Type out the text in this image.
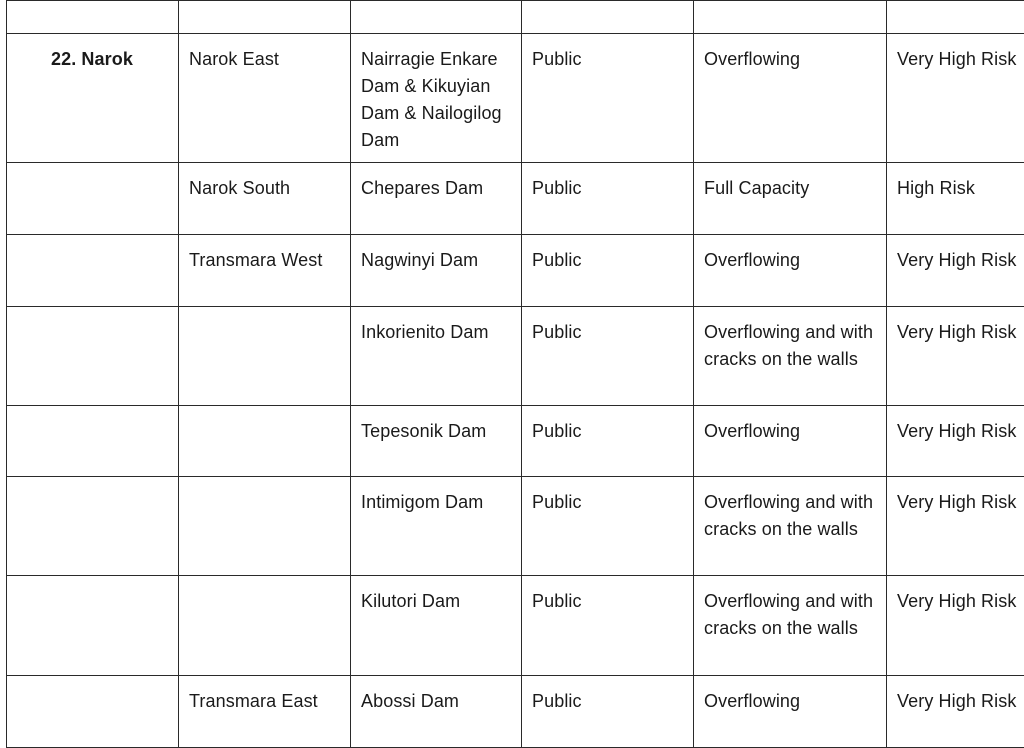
22. Narok	Narok East	Nairragie Enkare Dam & Kikuyian Dam & Nailogilog Dam	Public	Overflowing	Very High Risk
	Narok South	Chepares Dam	Public	Full Capacity	High Risk
	Transmara West	Nagwinyi Dam	Public	Overflowing	Very High Risk
		Inkorienito Dam	Public	Overflowing and with cracks on the walls	Very High Risk
		Tepesonik Dam	Public	Overflowing	Very High Risk
		Intimigom Dam	Public	Overflowing and with cracks on the walls	Very High Risk
		Kilutori Dam	Public	Overflowing and with cracks on the walls	Very High Risk
	Transmara East	Abossi Dam	Public	Overflowing	Very High Risk
